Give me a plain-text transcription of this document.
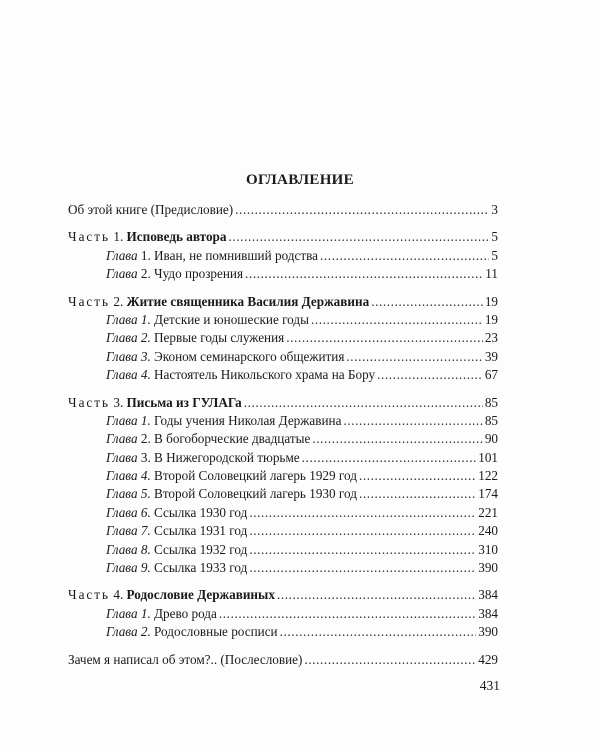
ОГЛАВЛЕНИЕ
Об этой книге (Предисловие) .....	3
Часть 1. Исповедь автора .....	5
Глава 1. Иван, не помнивший родства .....	5
Глава 2. Чудо прозрения .....	11
Часть 2. Житие священника Василия Державина .....	19
Глава 1. Детские и юношеские годы .....	19
Глава 2. Первые годы служения .....	23
Глава 3. Эконом семинарского общежития .....	39
Глава 4. Настоятель Никольского храма на Бору .....	67
Часть 3. Письма из ГУЛАГа .....	85
Глава 1. Годы учения Николая Державина .....	85
Глава 2. В богоборческие двадцатые .....	90
Глава 3. В Нижегородской тюрьме .....	101
Глава 4. Второй Соловецкий лагерь 1929 год .....	122
Глава 5. Второй Соловецкий лагерь 1930 год .....	174
Глава 6. Ссылка 1930 год .....	221
Глава 7. Ссылка 1931 год .....	240
Глава 8. Ссылка 1932 год .....	310
Глава 9. Ссылка 1933 год .....	390
Часть 4. Родословие Державиных .....	384
Глава 1. Древо рода .....	384
Глава 2. Родословные росписи .....	390
Зачем я написал об этом?.. (Послесловие) .....	429
431
